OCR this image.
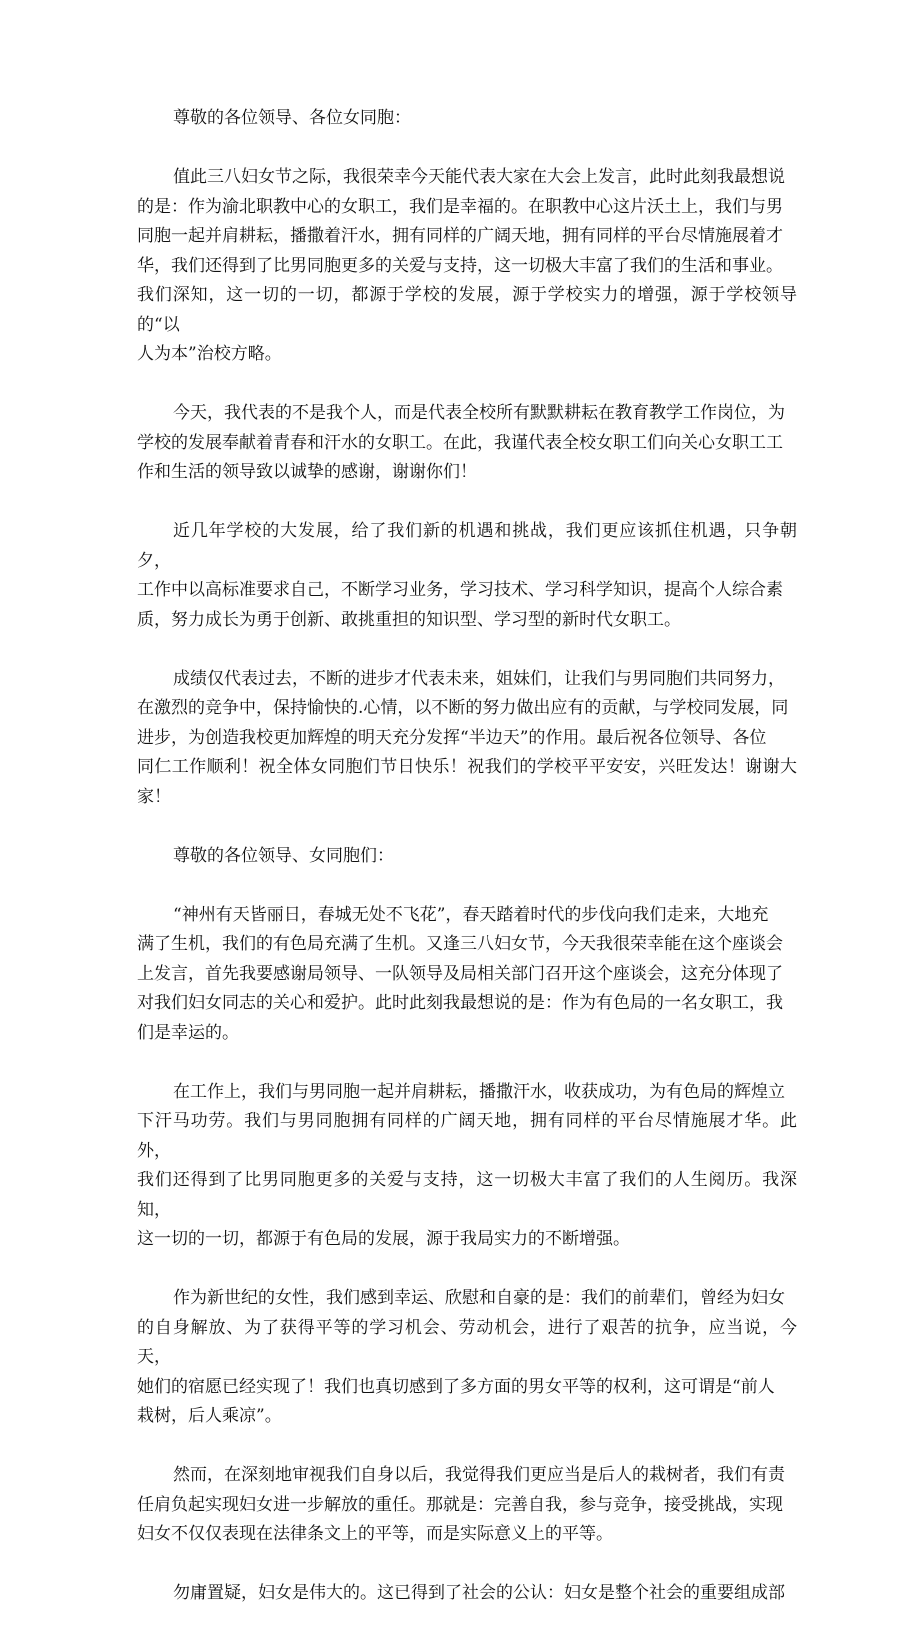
尊敬的各位领导、各位女同胞：

值此三八妇女节之际，我很荣幸今天能代表大家在大会上发言，此时此刻我最想说
的是：作为渝北职教中心的女职工，我们是幸福的。在职教中心这片沃土上，我们与男
同胞一起并肩耕耘，播撒着汗水，拥有同样的广阔天地，拥有同样的平台尽情施展着才
华，我们还得到了比男同胞更多的关爱与支持，这一切极大丰富了我们的生活和事业。
我们深知，这一切的一切，都源于学校的发展，源于学校实力的增强，源于学校领导的“以
人为本”治校方略。

今天，我代表的不是我个人，而是代表全校所有默默耕耘在教育教学工作岗位，为
学校的发展奉献着青春和汗水的女职工。在此，我谨代表全校女职工们向关心女职工工
作和生活的领导致以诚挚的感谢，谢谢你们！

近几年学校的大发展，给了我们新的机遇和挑战，我们更应该抓住机遇，只争朝夕，
工作中以高标准要求自己，不断学习业务，学习技术、学习科学知识，提高个人综合素
质，努力成长为勇于创新、敢挑重担的知识型、学习型的新时代女职工。

成绩仅代表过去，不断的进步才代表未来，姐妹们，让我们与男同胞们共同努力，
在激烈的竞争中，保持愉快的.心情，以不断的努力做出应有的贡献，与学校同发展，同
进步，为创造我校更加辉煌的明天充分发挥“半边天”的作用。最后祝各位领导、各位
同仁工作顺利！祝全体女同胞们节日快乐！祝我们的学校平平安安，兴旺发达！谢谢大家！

尊敬的各位领导、女同胞们：

“神州有天皆丽日，春城无处不飞花”，春天踏着时代的步伐向我们走来，大地充
满了生机，我们的有色局充满了生机。又逢三八妇女节，今天我很荣幸能在这个座谈会
上发言，首先我要感谢局领导、一队领导及局相关部门召开这个座谈会，这充分体现了
对我们妇女同志的关心和爱护。此时此刻我最想说的是：作为有色局的一名女职工，我
们是幸运的。

在工作上，我们与男同胞一起并肩耕耘，播撒汗水，收获成功，为有色局的辉煌立
下汗马功劳。我们与男同胞拥有同样的广阔天地，拥有同样的平台尽情施展才华。此外，
我们还得到了比男同胞更多的关爱与支持，这一切极大丰富了我们的人生阅历。我深知，
这一切的一切，都源于有色局的发展，源于我局实力的不断增强。

作为新世纪的女性，我们感到幸运、欣慰和自豪的是：我们的前辈们，曾经为妇女
的自身解放、为了获得平等的学习机会、劳动机会，进行了艰苦的抗争，应当说，今天，
她们的宿愿已经实现了！我们也真切感到了多方面的男女平等的权利，这可谓是“前人
栽树，后人乘凉”。

然而，在深刻地审视我们自身以后，我觉得我们更应当是后人的栽树者，我们有责
任肩负起实现妇女进一步解放的重任。那就是：完善自我，参与竞争，接受挑战，实现
妇女不仅仅表现在法律条文上的平等，而是实际意义上的平等。

勿庸置疑，妇女是伟大的。这已得到了社会的公认：妇女是整个社会的重要组成部
